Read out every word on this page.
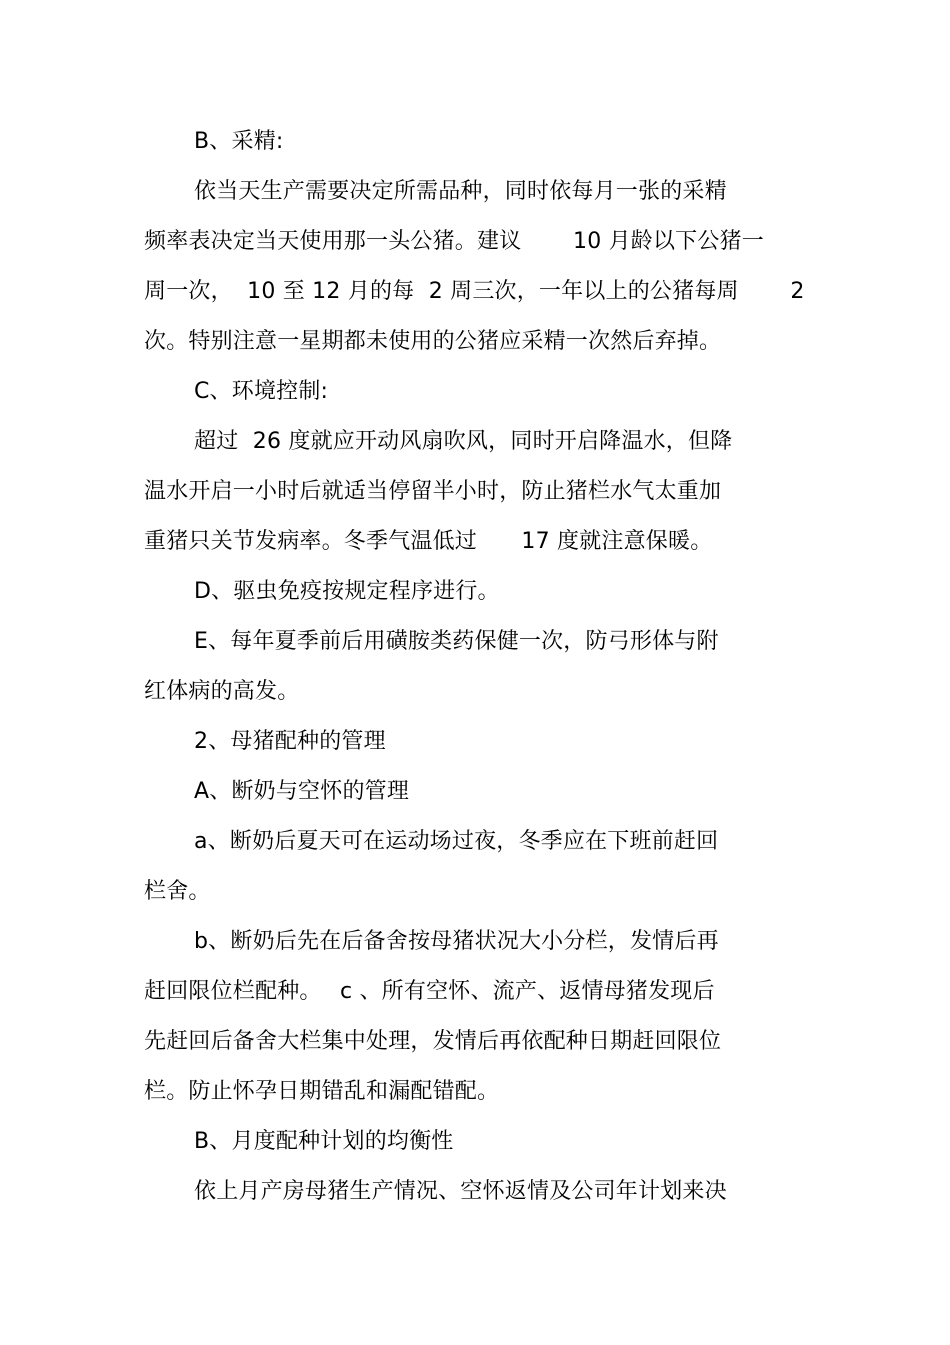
B、采精:
依当天生产需要决定所需品种，同时依每月一张的采精
频率表决定当天使用那一头公猪。建议　　 10 月龄以下公猪一
周一次，  10 至 12 月的每  2 周三次，一年以上的公猪每周　　 2
次。特别注意一星期都未使用的公猪应采精一次然后弃掉。
C、环境控制:
超过  26 度就应开动风扇吹风，同时开启降温水，但降
温水开启一小时后就适当停留半小时，防止猪栏水气太重加
重猪只关节发病率。冬季气温低过　　17 度就注意保暖。
D、驱虫免疫按规定程序进行。
E、每年夏季前后用磺胺类药保健一次，防弓形体与附
红体病的高发。
2、母猪配种的管理
A、断奶与空怀的管理
a、断奶后夏天可在运动场过夜，冬季应在下班前赶回
栏舍。
b、断奶后先在后备舍按母猪状况大小分栏，发情后再
赶回限位栏配种。　 c 、所有空怀、流产、返情母猪发现后
先赶回后备舍大栏集中处理，发情后再依配种日期赶回限位
栏。防止怀孕日期错乱和漏配错配。
B、月度配种计划的均衡性
依上月产房母猪生产情况、空怀返情及公司年计划来决
